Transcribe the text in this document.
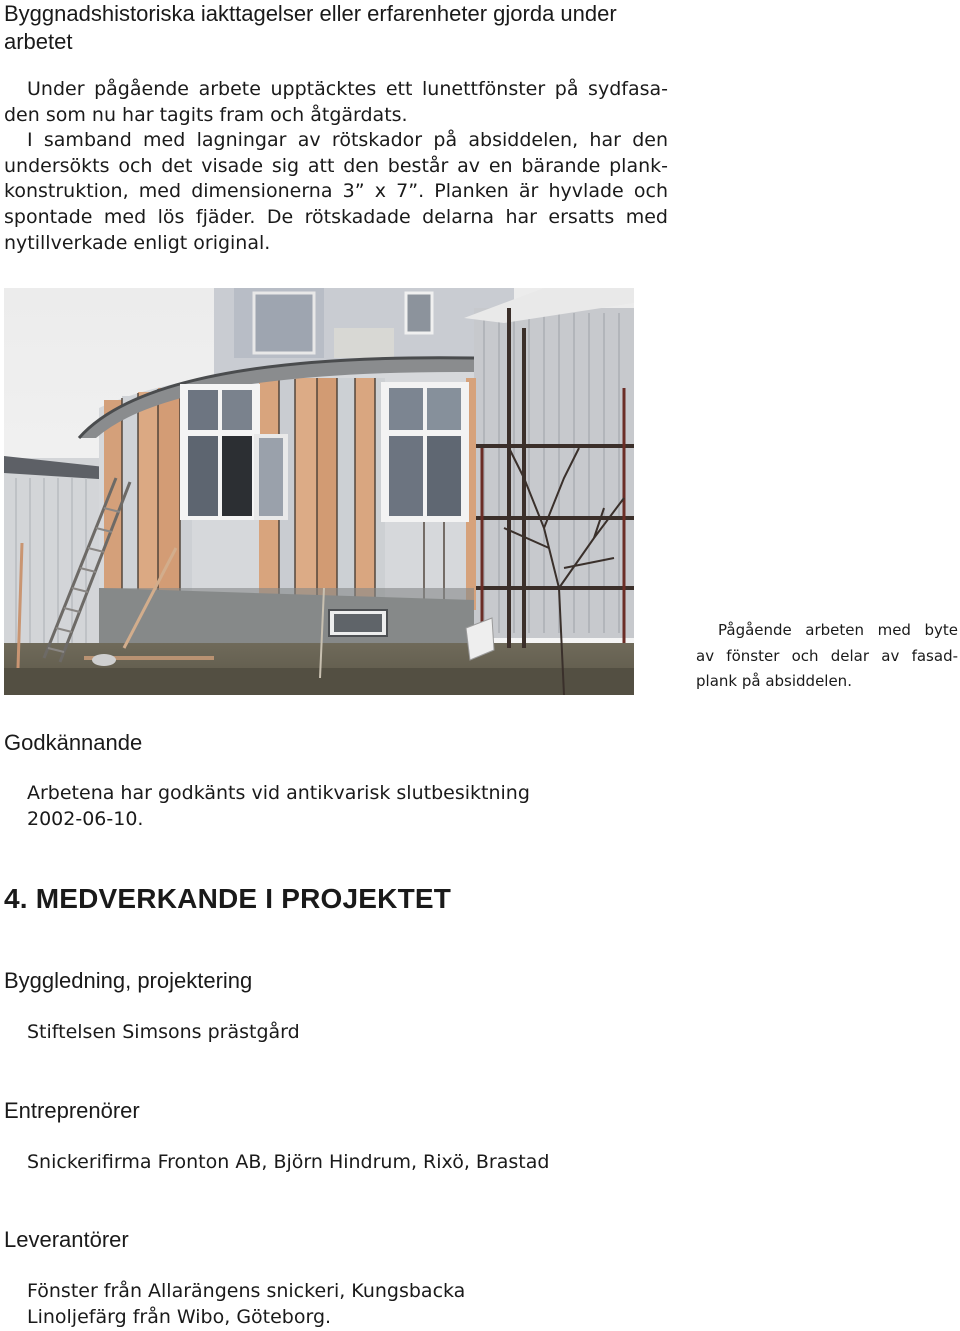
Byggnadshistoriska iakttagelser eller erfarenheter gjorda under
arbetet
Under pågående arbete upptäcktes ett lunettfönster på sydfasa-
den som nu har tagits fram och åtgärdats.
I samband med lagningar av rötskador på absiddelen, har den
undersökts och det visade sig att den består av en bärande plank-
konstruktion, med dimensionerna 3” x 7”. Planken är hyvlade och
spontade med lös fjäder. De rötskadade delarna har ersatts med
nytillverkade enligt original.
Pågående arbeten med byte
av fönster och delar av fasad-
plank på absiddelen.
Godkännande
Arbetena har godkänts vid antikvarisk slutbesiktning
2002-06-10.
4. MEDVERKANDE I PROJEKTET
Byggledning, projektering
Stiftelsen Simsons prästgård
Entreprenörer
Snickerifirma Fronton AB, Björn Hindrum, Rixö, Brastad
Leverantörer
Fönster från Allarängens snickeri, Kungsbacka
Linoljefärg från Wibo, Göteborg.
